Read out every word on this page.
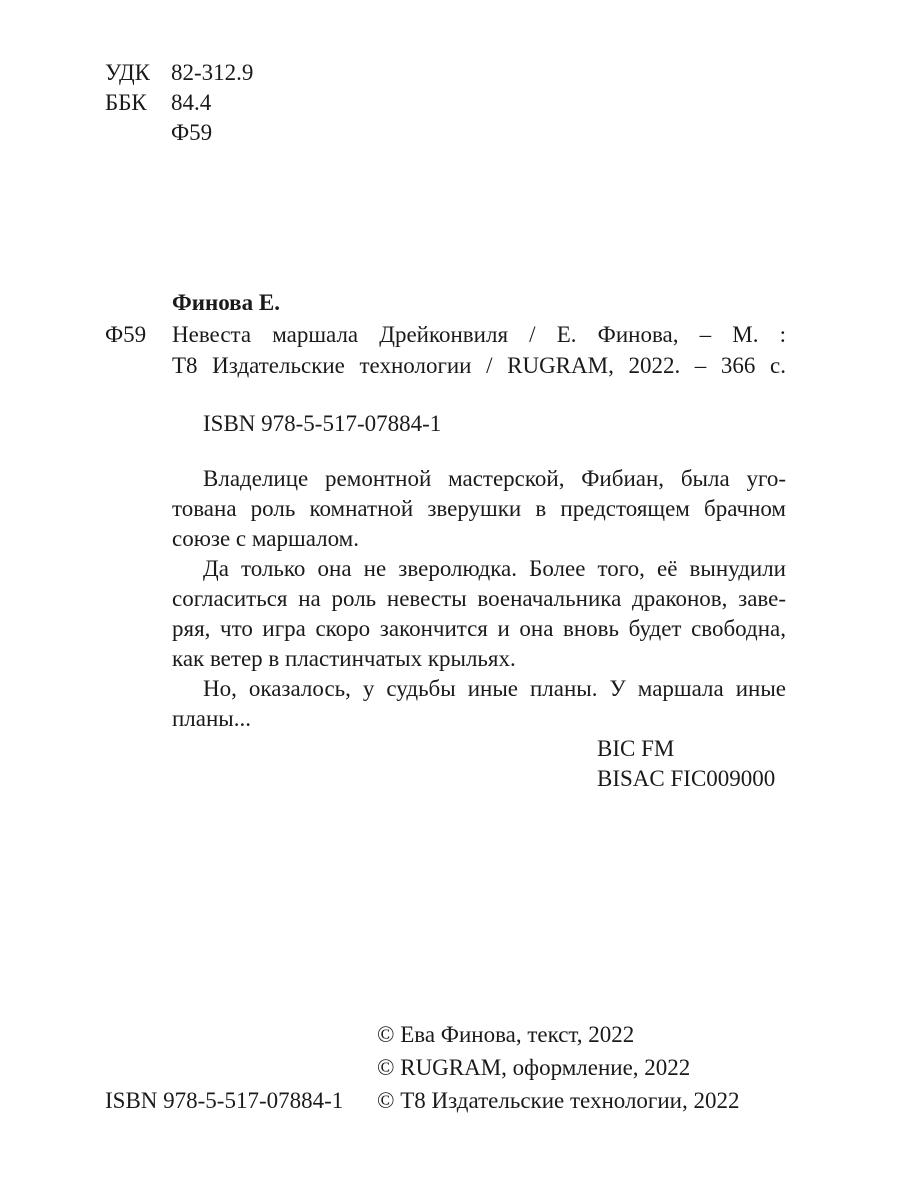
УДК 82-312.9
ББК	84.4
Ф59
Финова Е.
Ф59 Невеста маршала Дрейконвиля / Е. Финова, – М. :
Т8 Издательские технологии / RUGRAM, 2022. – 366 с.
ISBN 978-5-517-07884-1
Владелице ремонтной мастерской, Фибиан, была уго-
тована роль комнатной зверушки в предстоящем брачном
союзе с маршалом.
Да только она не зверолюдка. Более того, её вынудили
согласиться на роль невесты военачальника драконов, заве-
ряя, что игра скоро закончится и она вновь будет свободна,
как ветер в пластинчатых крыльях.
Но, оказалось, у судьбы иные планы. У маршала иные
планы...
BIC FM
BISAC FIC009000
© Ева Финова, текст, 2022
© RUGRAM, оформление, 2022
ISBN 978-5-517-07884-1	© Т8 Издательские технологии, 2022
